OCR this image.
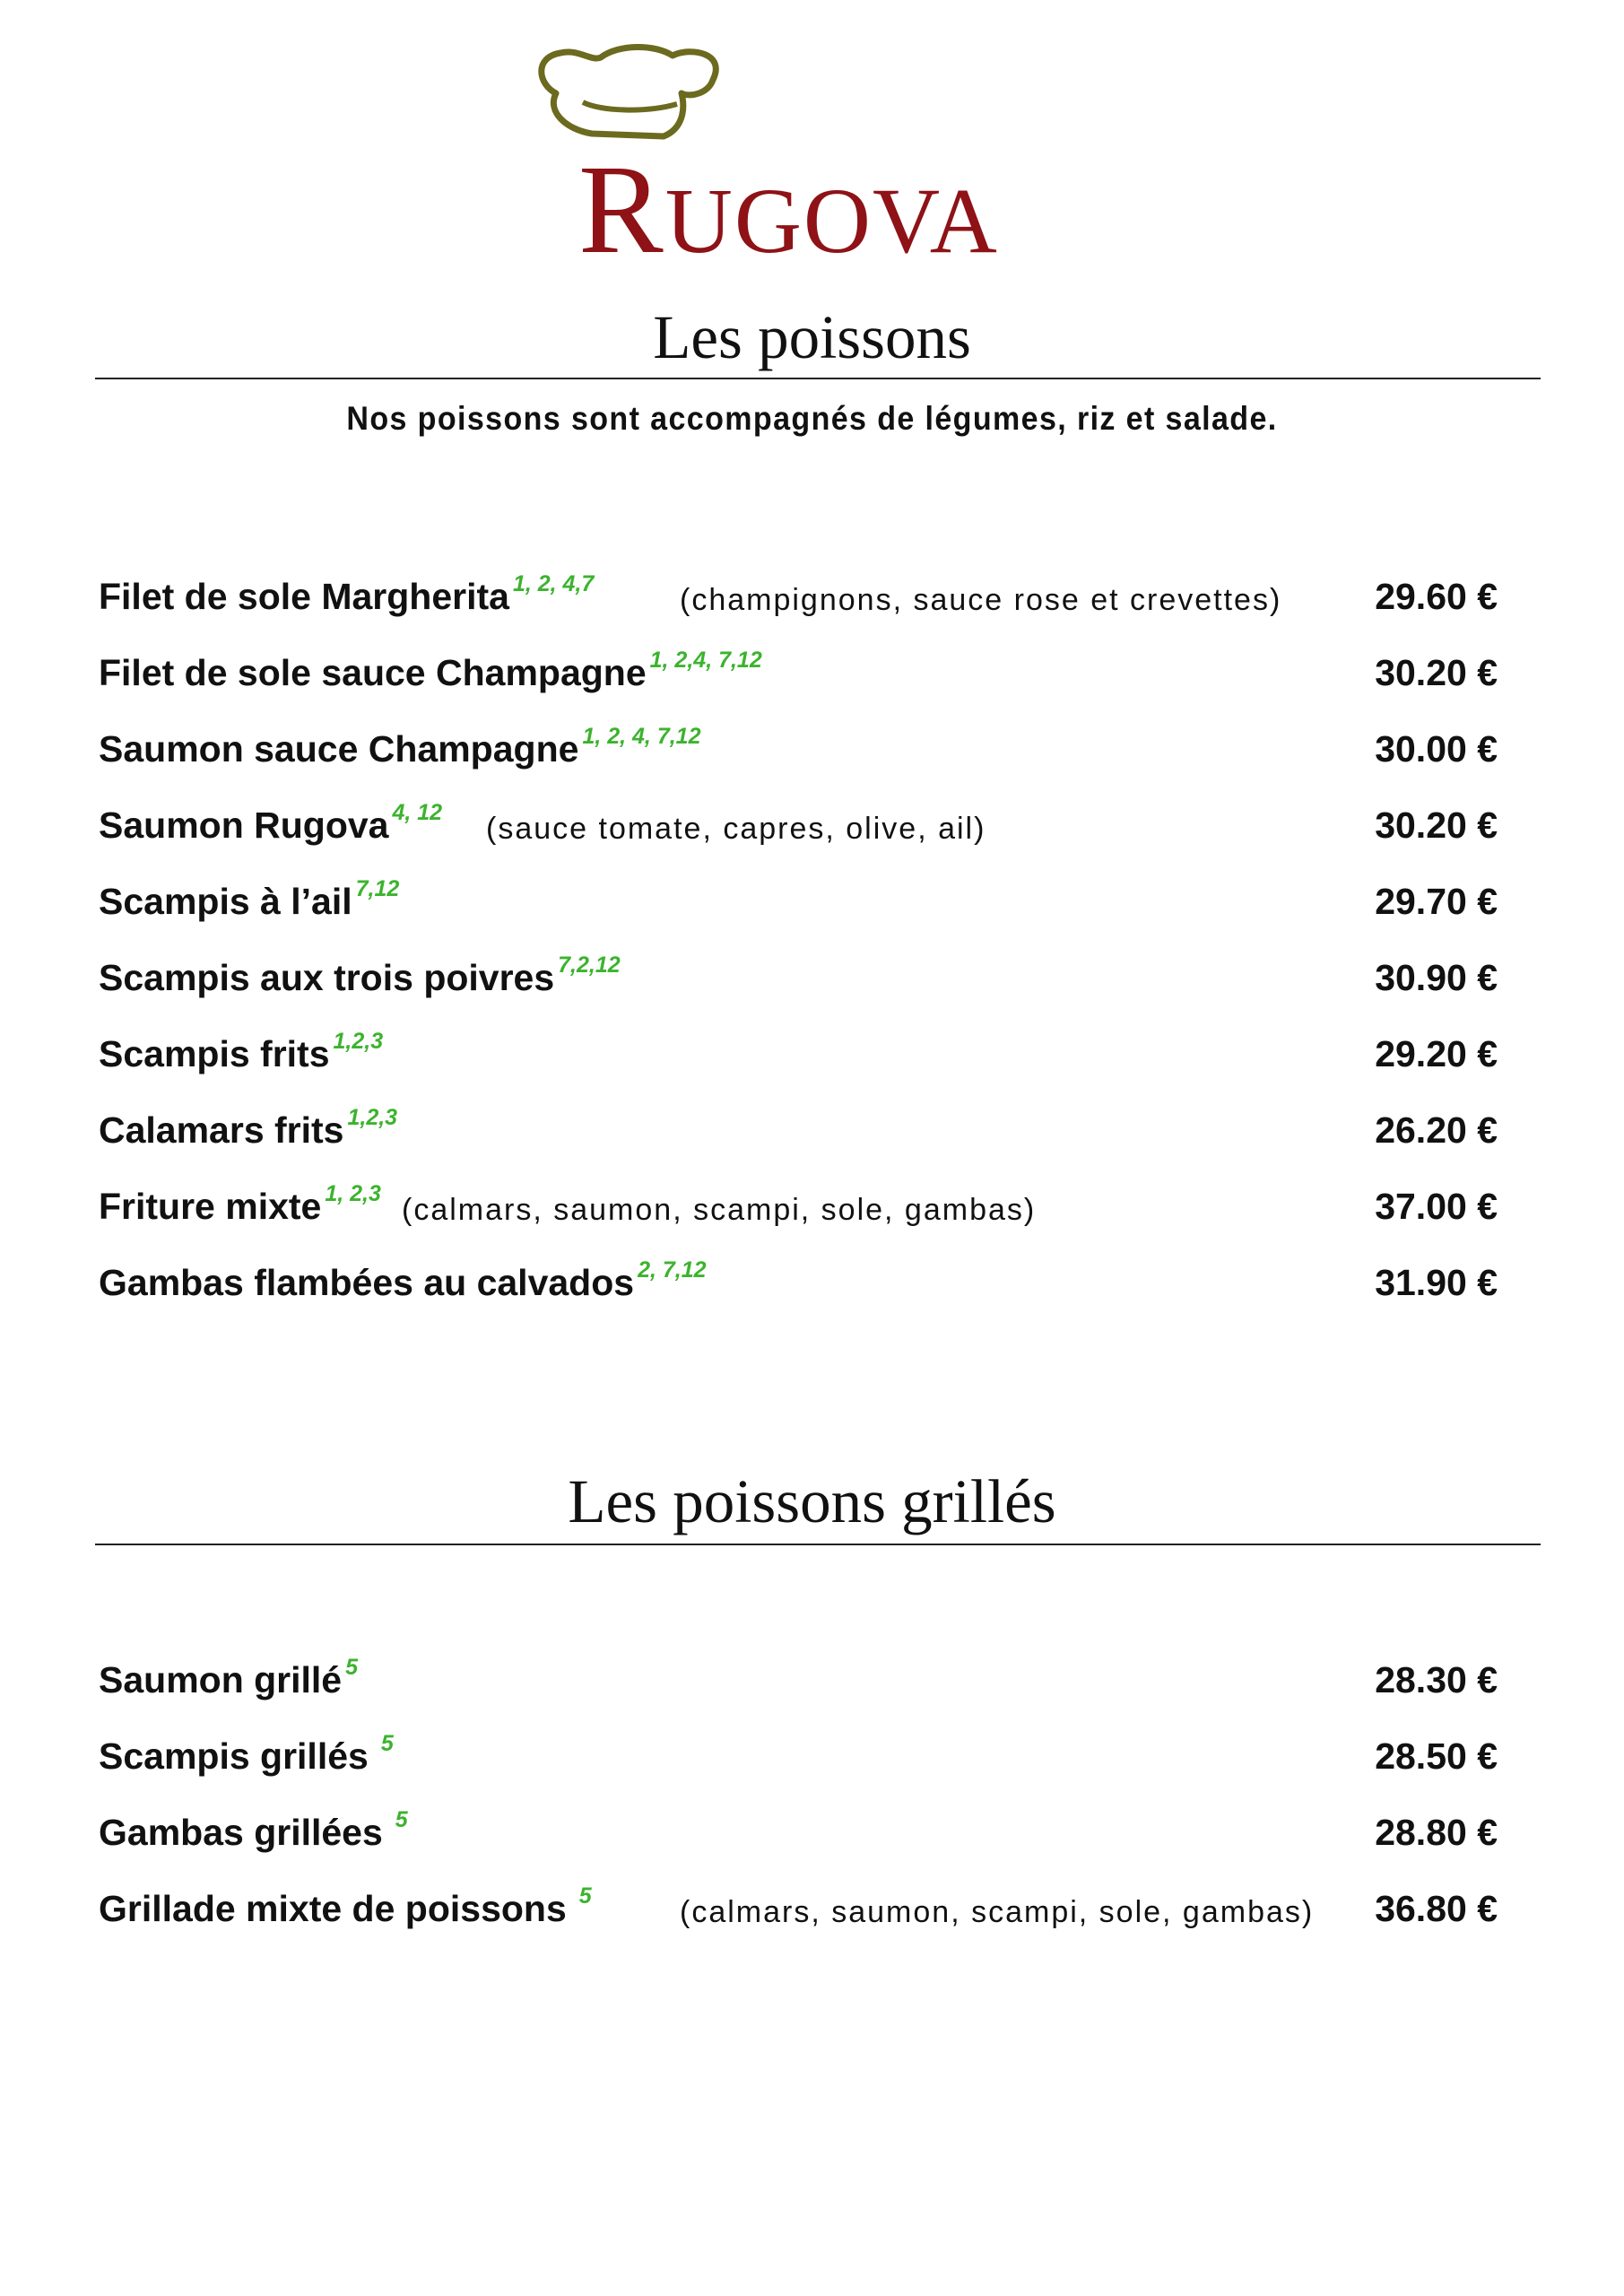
RUGOVA
Les poissons
Nos poissons sont accompagnés de légumes, riz et salade.
Filet de sole Margherita $^{1, 2, 4,7}$	(champignons, sauce rose et crevettes)	29.60 €
Filet de sole sauce Champagne $^{1, 2,4, 7,12}$	30.20 €
Saumon sauce Champagne $^{1, 2, 4, 7,12}$	30.00 €
Saumon Rugova $^{4, 12}$ (sauce tomate, capres, olive, ail)	30.20 €
Scampis à l’ail $^{7,12}$	29.70 €
Scampis aux trois poivres $^{7,2,12}$	30.90 €
Scampis frits $^{1,2,3}$	29.20 €
Calamars frits $^{1,2,3}$	26.20 €
Friture mixte $^{1, 2,3}$ (calmars, saumon, scampi, sole, gambas)	37.00 €
Gambas flambées au calvados $^{2, 7,12}$	31.90 €
Les poissons grillés
Saumon grillé $^5$	28.30 €
Scampis grillés $^5$	28.50 €
Gambas grillées $^5$	28.80 €
Grillade mixte de poissons $^5$	(calmars, saumon, scampi, sole, gambas) 36.80 €
